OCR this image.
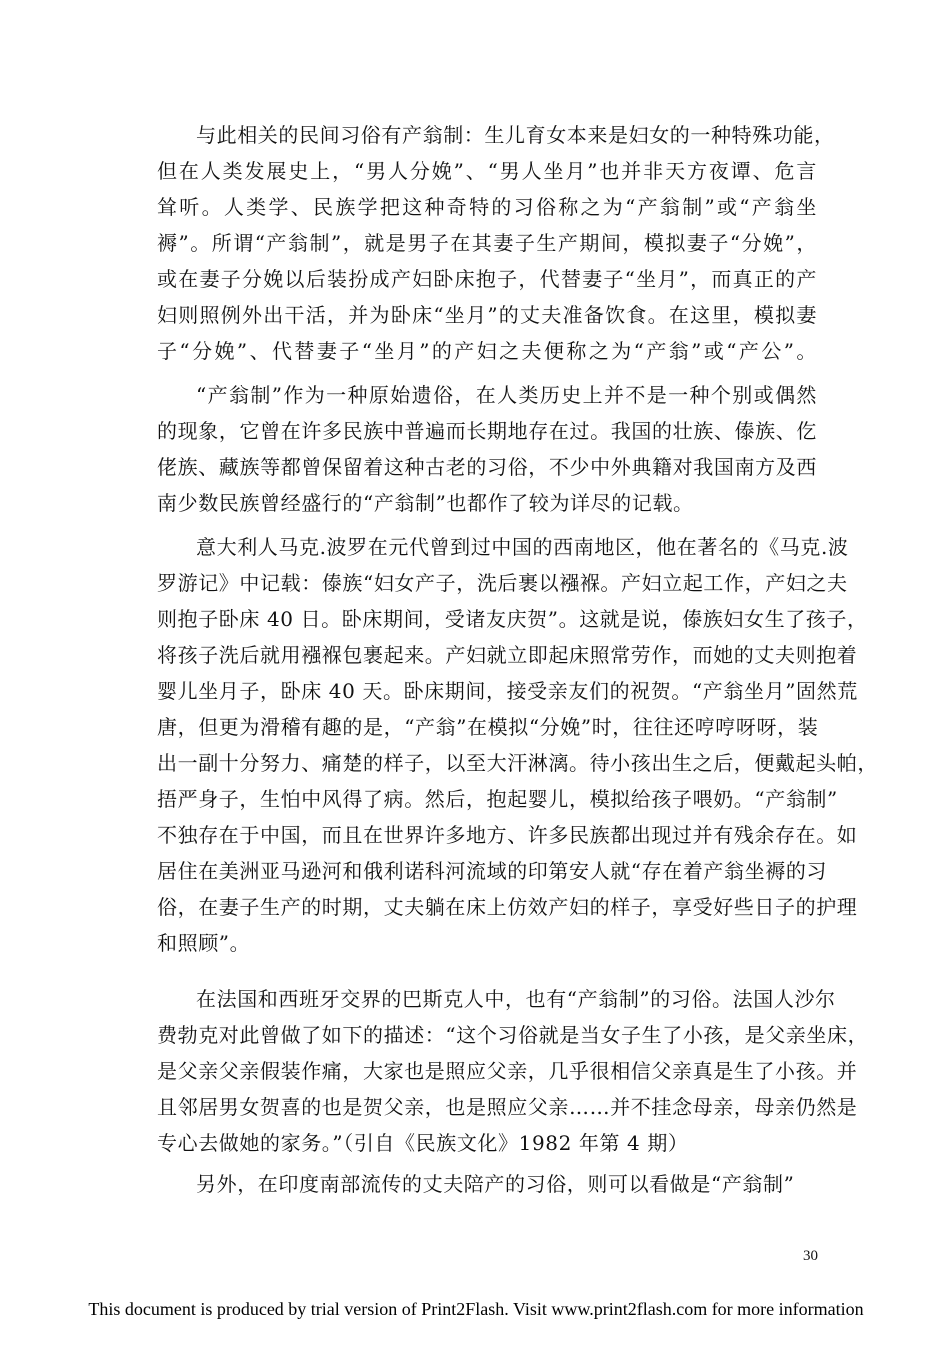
与此相关的民间习俗有产翁制：生儿育女本来是妇女的一种特殊功能，
但在人类发展史上，“男人分娩”、“男人坐月”也并非天方夜谭、危言
耸听。人类学、民族学把这种奇特的习俗称之为“产翁制”或“产翁坐
褥”。所谓“产翁制”，就是男子在其妻子生产期间，模拟妻子“分娩”，
或在妻子分娩以后装扮成产妇卧床抱子，代替妻子“坐月”，而真正的产
妇则照例外出干活，并为卧床“坐月”的丈夫准备饮食。在这里，模拟妻
子“分娩”、代替妻子“坐月”的产妇之夫便称之为“产翁”或“产公”。
“产翁制”作为一种原始遗俗，在人类历史上并不是一种个别或偶然
的现象，它曾在许多民族中普遍而长期地存在过。我国的壮族、傣族、仡
佬族、藏族等都曾保留着这种古老的习俗，不少中外典籍对我国南方及西
南少数民族曾经盛行的“产翁制”也都作了较为详尽的记载。
意大利人马克.波罗在元代曾到过中国的西南地区，他在著名的《马克.波
罗游记》中记载：傣族“妇女产子，洗后裹以襁褓。产妇立起工作，产妇之夫
则抱子卧床 40 日。卧床期间，受诸友庆贺”。这就是说，傣族妇女生了孩子，
将孩子洗后就用襁褓包裹起来。产妇就立即起床照常劳作，而她的丈夫则抱着
婴儿坐月子，卧床 40 天。卧床期间，接受亲友们的祝贺。“产翁坐月”固然荒
唐，但更为滑稽有趣的是，“产翁”在模拟“分娩”时，往往还哼哼呀呀，装
出一副十分努力、痛楚的样子，以至大汗淋漓。待小孩出生之后，便戴起头帕，
捂严身子，生怕中风得了病。然后，抱起婴儿，模拟给孩子喂奶。“产翁制”
不独存在于中国，而且在世界许多地方、许多民族都出现过并有残余存在。如
居住在美洲亚马逊河和俄利诺科河流域的印第安人就“存在着产翁坐褥的习
俗，在妻子生产的时期，丈夫躺在床上仿效产妇的样子，享受好些日子的护理
和照顾”。
在法国和西班牙交界的巴斯克人中，也有“产翁制”的习俗。法国人沙尔
费勃克对此曾做了如下的描述：“这个习俗就是当女子生了小孩，是父亲坐床，
是父亲父亲假装作痛，大家也是照应父亲，几乎很相信父亲真是生了小孩。并
且邻居男女贺喜的也是贺父亲，也是照应父亲……并不挂念母亲，母亲仍然是
专心去做她的家务。”（引自《民族文化》1982 年第 4 期）
另外，在印度南部流传的丈夫陪产的习俗，则可以看做是“产翁制”
30
This document is produced by trial version of Print2Flash. Visit www.print2flash.com for more information
